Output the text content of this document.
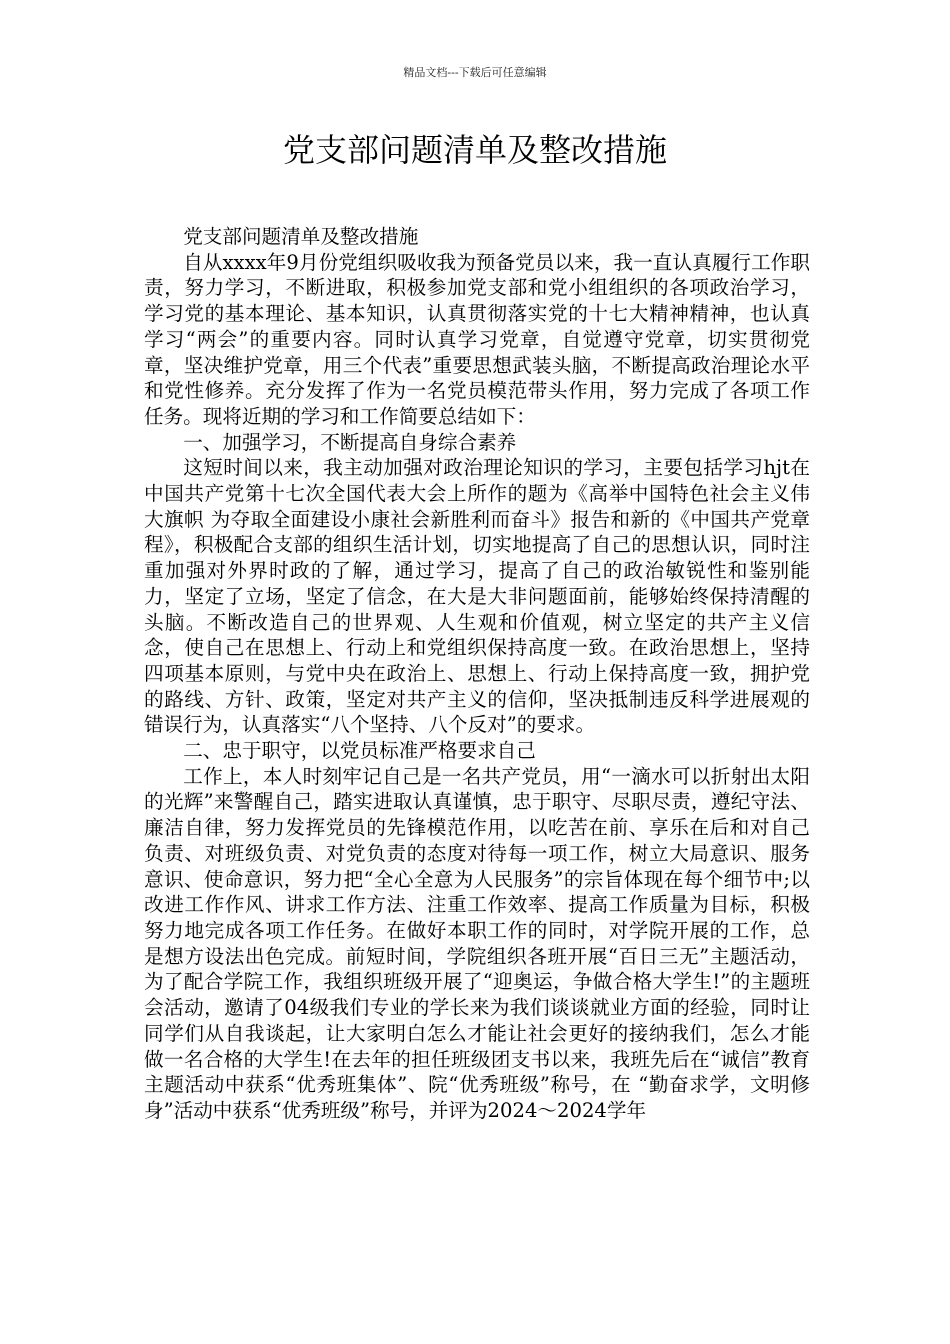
精品文档---下载后可任意编辑
党支部问题清单及整改措施

党支部问题清单及整改措施

自从xxxx年9月份党组织吸收我为预备党员以来，我一直认真履行工作职责，努力学习，不断进取，积极参加党支部和党小组组织的各项政治学习，学习党的基本理论、基本知识，认真贯彻落实党的十七大精神精神，也认真学习“两会”的重要内容。同时认真学习党章，自觉遵守党章，切实贯彻党章，坚决维护党章，用三个代表”重要思想武装头脑，不断提高政治理论水平和党性修养。充分发挥了作为一名党员模范带头作用，努力完成了各项工作任务。现将近期的学习和工作简要总结如下：

一、加强学习，不断提高自身综合素养

这短时间以来，我主动加强对政治理论知识的学习，主要包括学习hjt在中国共产党第十七次全国代表大会上所作的题为《高举中国特色社会主义伟大旗帜 为夺取全面建设小康社会新胜利而奋斗》报告和新的《中国共产党章程》，积极配合支部的组织生活计划，切实地提高了自己的思想认识，同时注重加强对外界时政的了解，通过学习，提高了自己的政治敏锐性和鉴别能力，坚定了立场，坚定了信念，在大是大非问题面前，能够始终保持清醒的头脑。不断改造自己的世界观、人生观和价值观，树立坚定的共产主义信念，使自己在思想上、行动上和党组织保持高度一致。在政治思想上，坚持四项基本原则，与党中央在政治上、思想上、行动上保持高度一致，拥护党的路线、方针、政策，坚定对共产主义的信仰，坚决抵制违反科学进展观的错误行为，认真落实“八个坚持、八个反对”的要求。

二、忠于职守，以党员标准严格要求自己

工作上，本人时刻牢记自己是一名共产党员，用“一滴水可以折射出太阳的光辉”来警醒自己，踏实进取认真谨慎，忠于职守、尽职尽责，遵纪守法、廉洁自律，努力发挥党员的先锋模范作用，以吃苦在前、享乐在后和对自己负责、对班级负责、对党负责的态度对待每一项工作，树立大局意识、服务意识、使命意识，努力把“全心全意为人民服务”的宗旨体现在每个细节中;以改进工作作风、讲求工作方法、注重工作效率、提高工作质量为目标，积极努力地完成各项工作任务。在做好本职工作的同时，对学院开展的工作，总是想方设法出色完成。前短时间，学院组织各班开展“百日三无”主题活动，为了配合学院工作，我组织班级开展了“迎奥运，争做合格大学生!”的主题班会活动，邀请了04级我们专业的学长来为我们谈谈就业方面的经验，同时让同学们从自我谈起，让大家明白怎么才能让社会更好的接纳我们，怎么才能做一名合格的大学生!在去年的担任班级团支书以来，我班先后在“诚信”教育主题活动中获系“优秀班集体”、院“优秀班级”称号，在 “勤奋求学，文明修身”活动中获系“优秀班级”称号，并评为2024～2024学年
